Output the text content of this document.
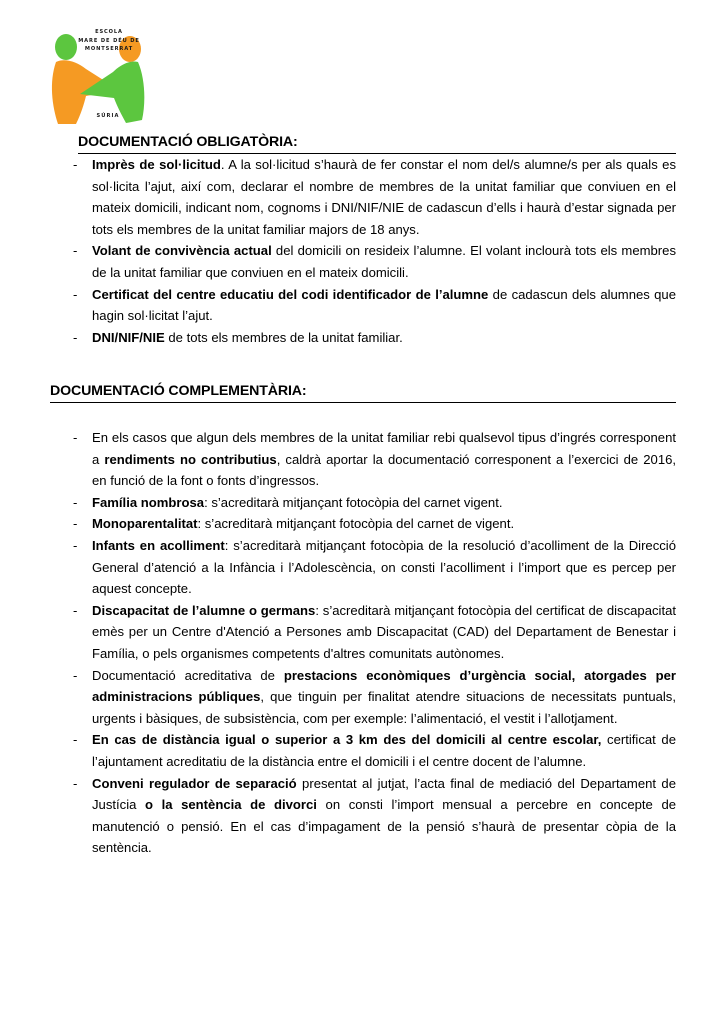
ESCOLA
MARE DE DÉU DE
MONTSERRAT
SÚRIA
DOCUMENTACIÓ OBLIGATÒRIA:
- Imprès de sol·licitud. A la sol·licitud s’haurà de fer constar el nom del/s alumne/s per als quals es sol·licita l’ajut, així com, declarar el nombre de membres de la unitat familiar que conviuen en el mateix domicili, indicant nom, cognoms i DNI/NIF/NIE de cadascun d’ells i haurà d’estar signada per tots els membres de la unitat familiar majors de 18 anys.
- Volant de convivència actual del domicili on resideix l’alumne. El volant inclourà tots els membres de la unitat familiar que conviuen en el mateix domicili.
- Certificat del centre educatiu del codi identificador de l’alumne de cadascun dels alumnes que hagin sol·licitat l’ajut.
- DNI/NIF/NIE de tots els membres de la unitat familiar.
DOCUMENTACIÓ COMPLEMENTÀRIA:
- En els casos que algun dels membres de la unitat familiar rebi qualsevol tipus d’ingrés corresponent a rendiments no contributius, caldrà aportar la documentació corresponent a l’exercici de 2016, en funció de la font o fonts d’ingressos.
- Família nombrosa: s’acreditarà mitjançant fotocòpia del carnet vigent.
- Monoparentalitat: s’acreditarà mitjançant fotocòpia del carnet de vigent.
- Infants en acolliment: s’acreditarà mitjançant fotocòpia de la resolució d’acolliment de la Direcció General d’atenció a la Infància i l’Adolescència, on consti l’acolliment i l’import que es percep per aquest concepte.
- Discapacitat de l’alumne o germans: s’acreditarà mitjançant fotocòpia del certificat de discapacitat emès per un Centre d'Atenció a Persones amb Discapacitat (CAD) del Departament de Benestar i Família, o pels organismes competents d'altres comunitats autònomes.
- Documentació acreditativa de prestacions econòmiques d’urgència social, atorgades per administracions públiques, que tinguin per finalitat atendre situacions de necessitats puntuals, urgents i bàsiques, de subsistència, com per exemple: l’alimentació, el vestit i l’allotjament.
- En cas de distància igual o superior a 3 km des del domicili al centre escolar, certificat de l’ajuntament acreditatiu de la distància entre el domicili i el centre docent de l’alumne.
- Conveni regulador de separació presentat al jutjat, l’acta final de mediació del Departament de Justícia o la sentència de divorci on consti l’import mensual a percebre en concepte de manutenció o pensió. En el cas d’impagament de la pensió s’haurà de presentar còpia de la sentència.
